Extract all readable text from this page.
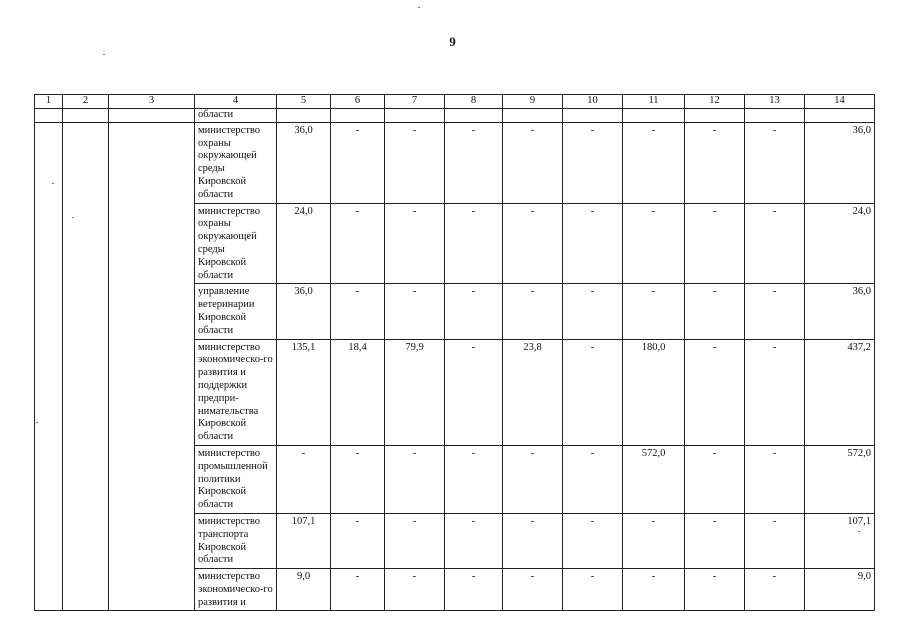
9
1	2	3	4	5	6	7	8	9	10	11	12	13	14
			области										
			министерство охраны окружающей среды Кировской области	36,0	-	-	-	-	-	-	-	-	36,0
			министерство охраны окружающей среды Кировской области	24,0	-	-	-	-	-	-	-	-	24,0
			управление ветеринарии Кировской области	36,0	-	-	-	-	-	-	-	-	36,0
			министерство экономическо-го развития и поддержки предпри-нимательства Кировской области	135,1	18,4	79,9	-	23,8	-	180,0	-	-	437,2
			министерство промышленной политики Кировской области	-	-	-	-	-	-	572,0	-	-	572,0
			министерство транспорта Кировской области	107,1	-	-	-	-	-	-	-	-	107,1
			министерство экономическо-го развития и	9,0	-	-	-	-	-	-	-	-	9,0
